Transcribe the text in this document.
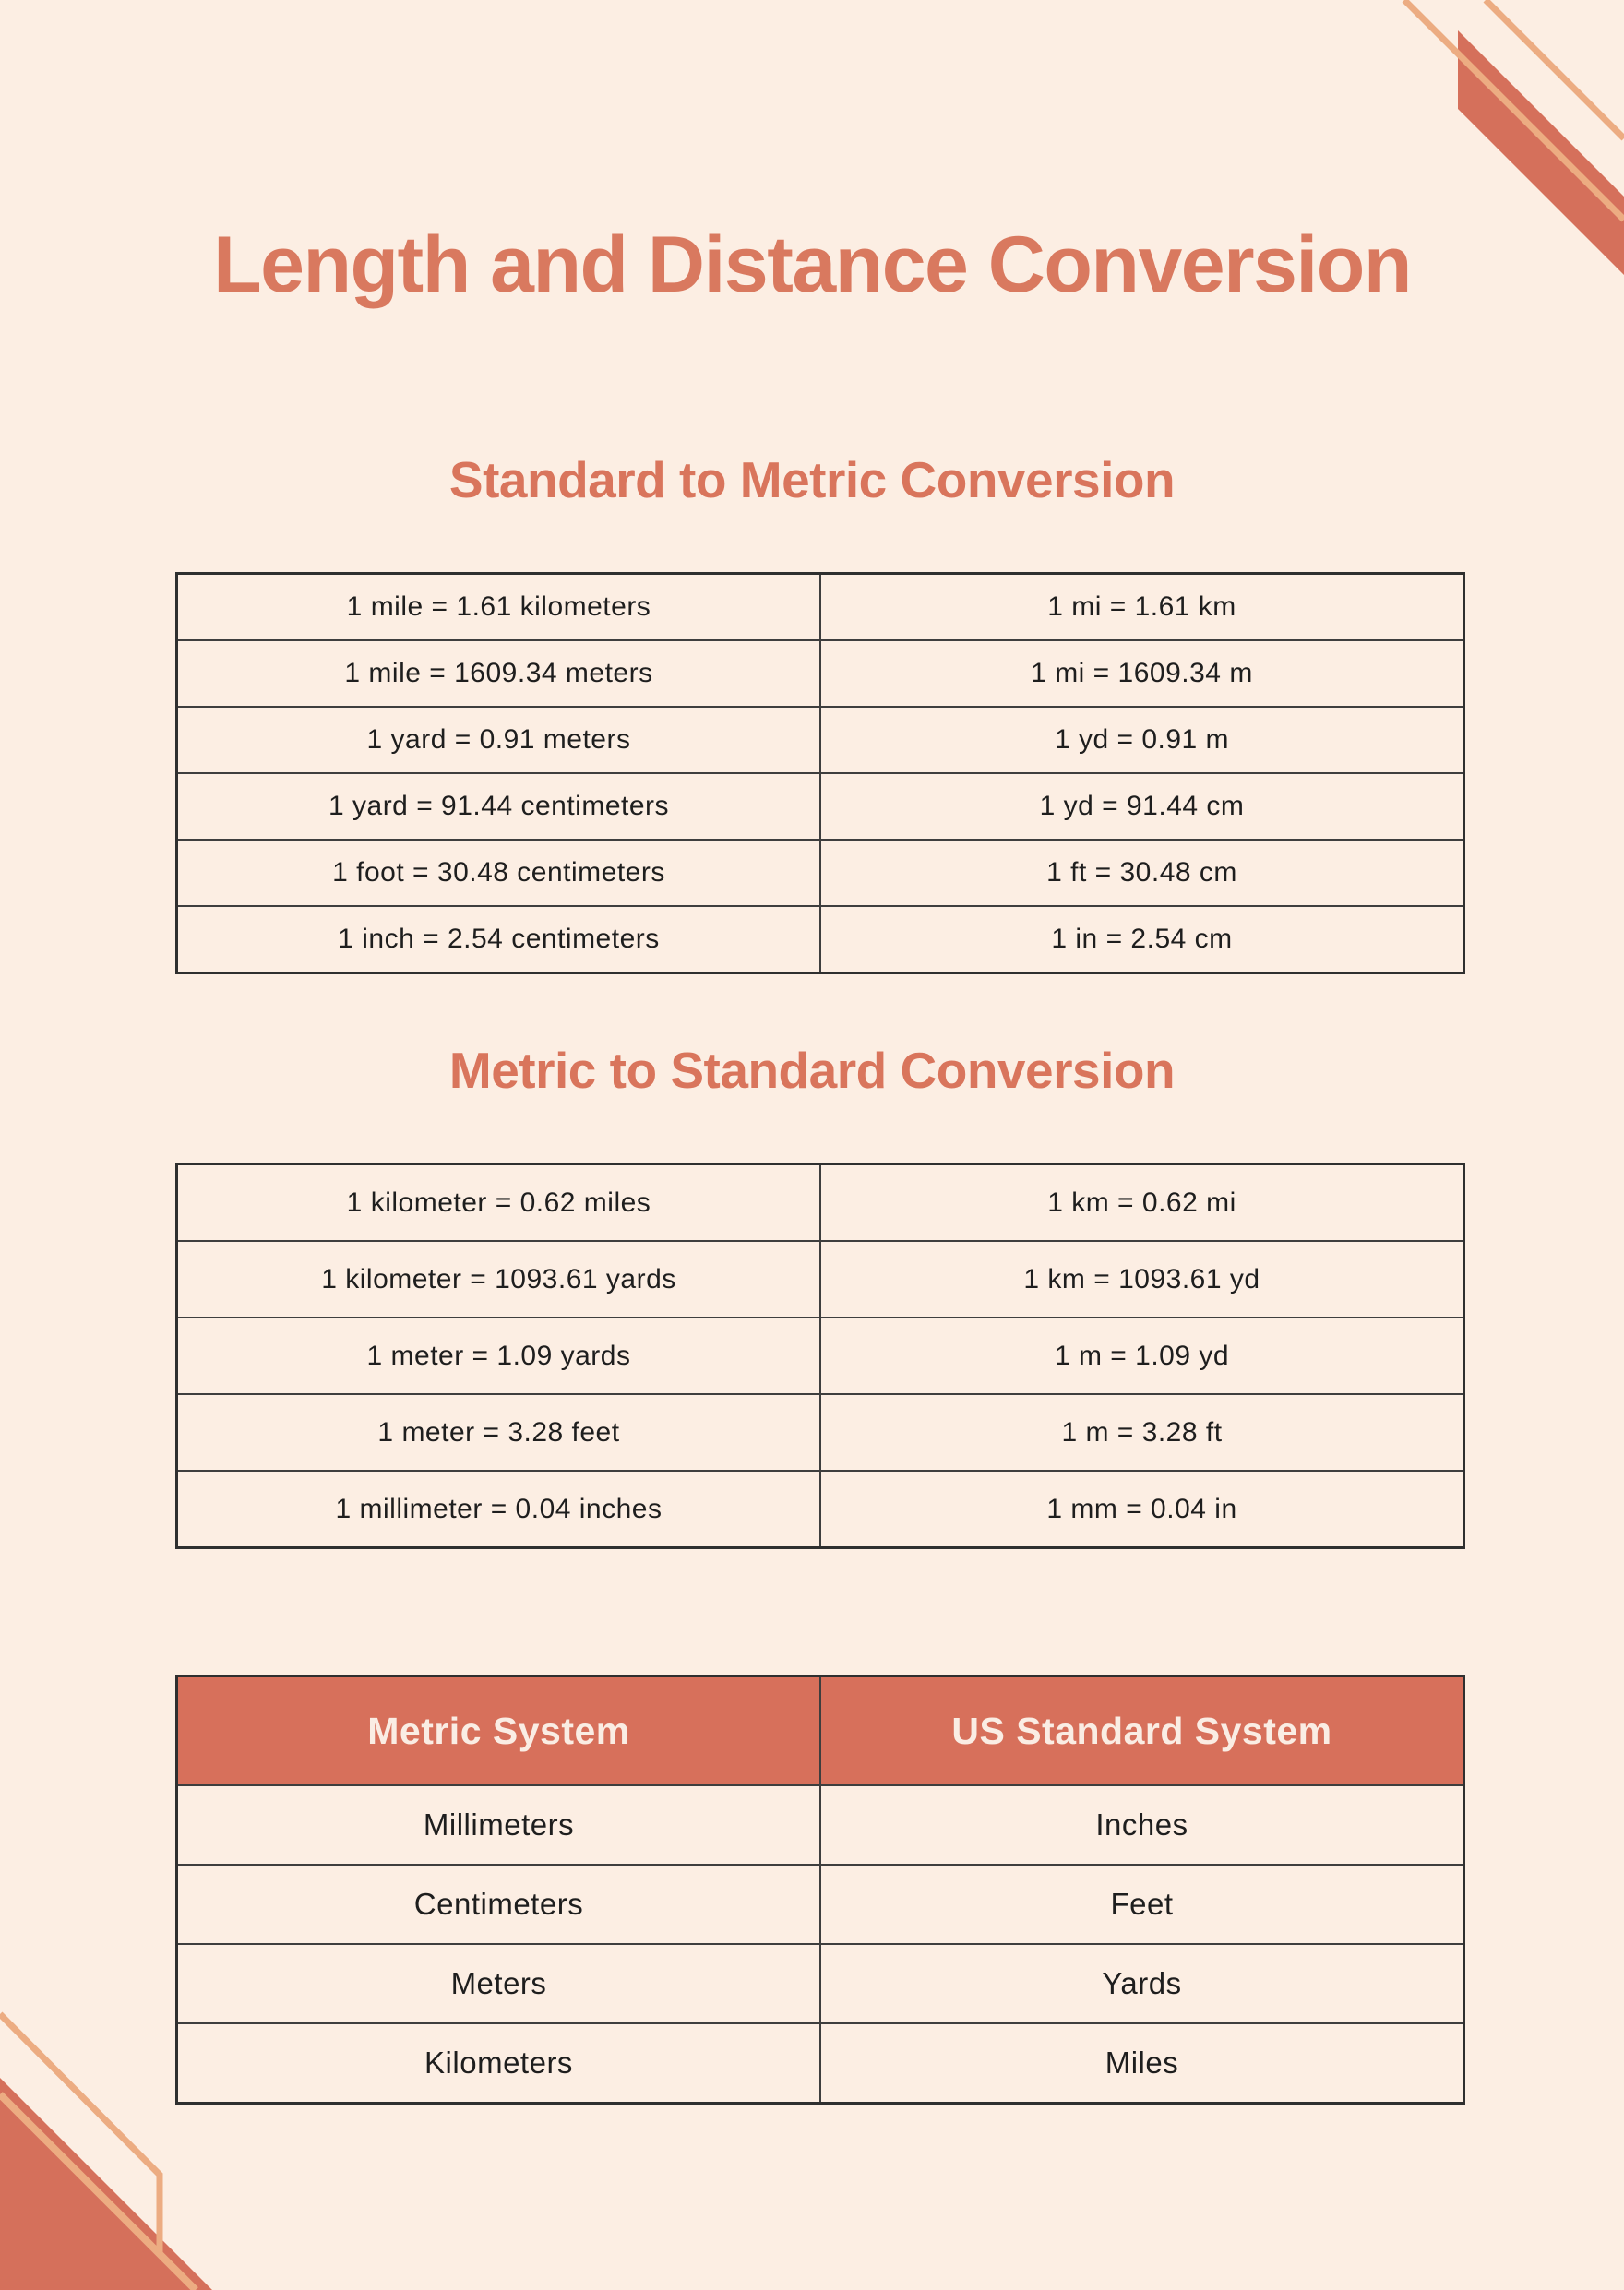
Length and Distance Conversion
Standard to Metric Conversion
1 mile = 1.61 kilometers	1 mi = 1.61 km
1 mile = 1609.34 meters	1 mi = 1609.34 m
1 yard = 0.91 meters	1 yd = 0.91 m
1 yard = 91.44 centimeters	1 yd = 91.44 cm
1 foot = 30.48 centimeters	1 ft = 30.48 cm
1 inch = 2.54 centimeters	1 in = 2.54 cm
Metric to Standard Conversion
1 kilometer = 0.62 miles	1 km = 0.62 mi
1 kilometer = 1093.61 yards	1 km = 1093.61 yd
1 meter = 1.09 yards	1 m = 1.09 yd
1 meter = 3.28 feet	1 m = 3.28 ft
1 millimeter = 0.04 inches	1 mm = 0.04 in
Metric System	US Standard System
Millimeters	Inches
Centimeters	Feet
Meters	Yards
Kilometers	Miles
